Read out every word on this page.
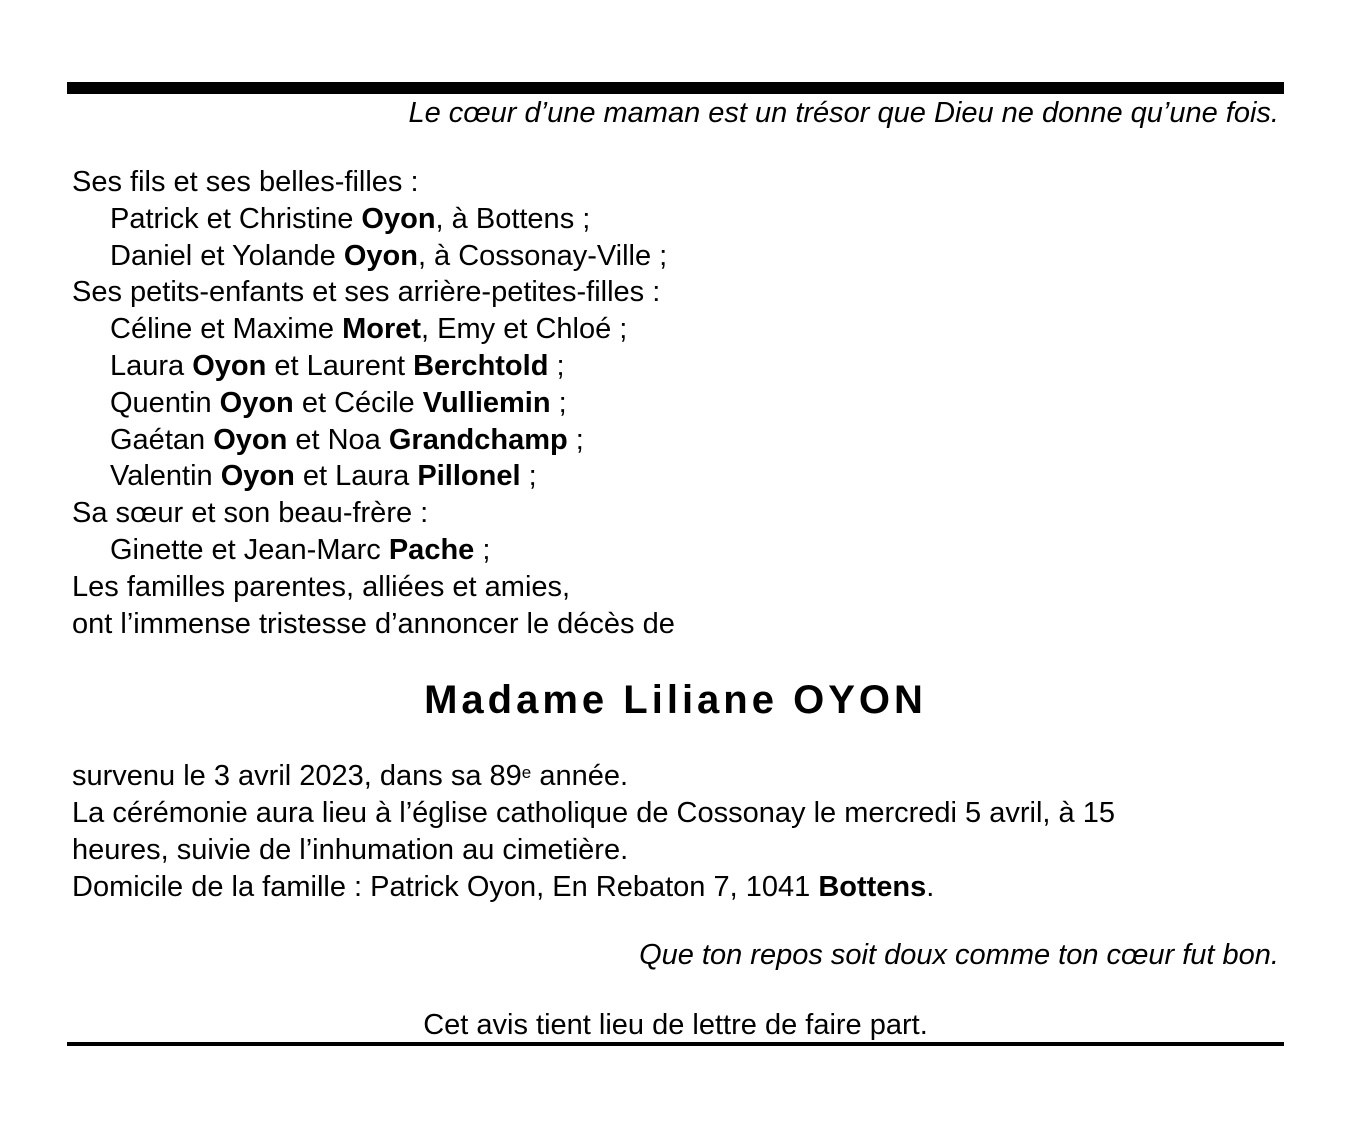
Le cœur d’une maman est un trésor que Dieu ne donne qu’une fois.
Ses fils et ses belles-filles :
Patrick et Christine Oyon, à Bottens ;
Daniel et Yolande Oyon, à Cossonay-Ville ;
Ses petits-enfants et ses arrière-petites-filles :
Céline et Maxime Moret, Emy et Chloé ;
Laura Oyon et Laurent Berchtold ;
Quentin Oyon et Cécile Vulliemin ;
Gaétan Oyon et Noa Grandchamp ;
Valentin Oyon et Laura Pillonel ;
Sa sœur et son beau-frère :
Ginette et Jean-Marc Pache ;
Les familles parentes, alliées et amies,
ont l’immense tristesse d’annoncer le décès de
Madame Liliane OYON
survenu le 3 avril 2023, dans sa 89e année.
La cérémonie aura lieu à l’église catholique de Cossonay le mercredi 5 avril, à 15
heures, suivie de l’inhumation au cimetière.
Domicile de la famille : Patrick Oyon, En Rebaton 7, 1041 Bottens.
Que ton repos soit doux comme ton cœur fut bon.
Cet avis tient lieu de lettre de faire part.
